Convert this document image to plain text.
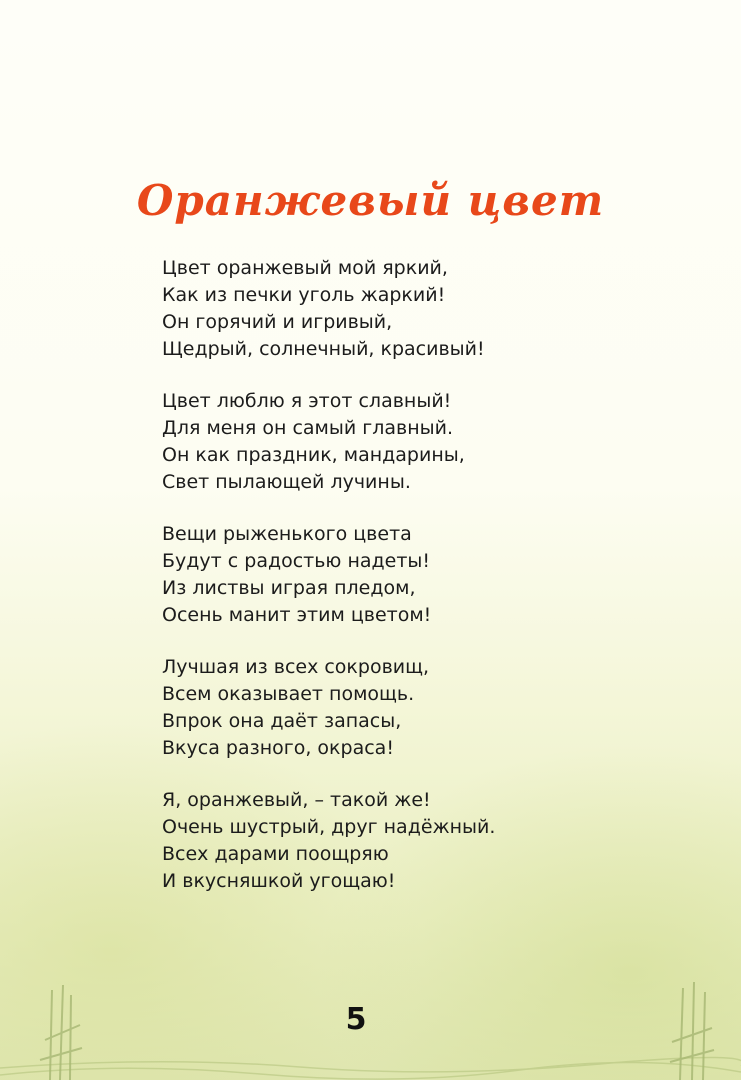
Оранжевый цвет
Цвет оранжевый мой яркий,
Как из печки уголь жаркий!
Он горячий и игривый,
Щедрый, солнечный, красивый!
Цвет люблю я этот славный!
Для меня он самый главный.
Он как праздник, мандарины,
Свет пылающей лучины.
Вещи рыженького цвета
Будут с радостью надеты!
Из листвы играя пледом,
Осень манит этим цветом!
Лучшая из всех сокровищ,
Всем оказывает помощь.
Впрок она даёт запасы,
Вкуса разного, окраса!
Я, оранжевый, – такой же!
Очень шустрый, друг надёжный.
Всех дарами поощряю
И вкусняшкой угощаю!
5
